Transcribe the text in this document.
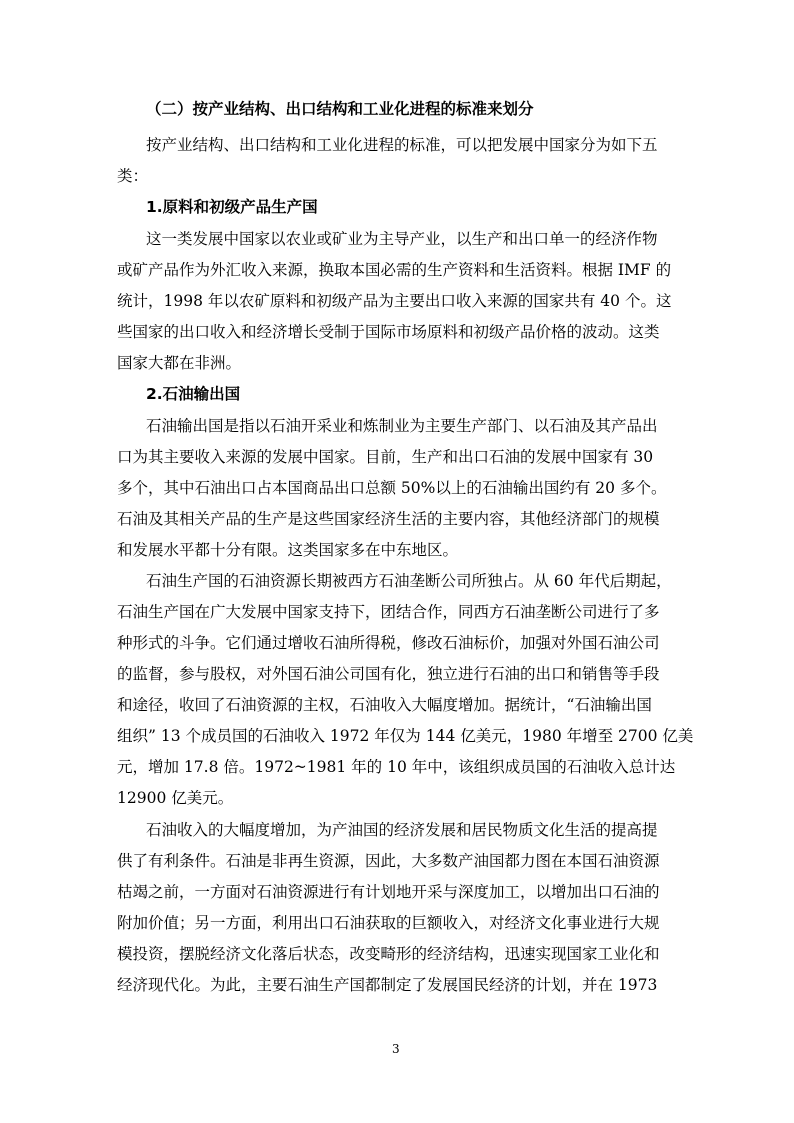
（二）按产业结构、出口结构和工业化进程的标准来划分
按产业结构、出口结构和工业化进程的标准，可以把发展中国家分为如下五
类：
1.原料和初级产品生产国
这一类发展中国家以农业或矿业为主导产业，以生产和出口单一的经济作物
或矿产品作为外汇收入来源，换取本国必需的生产资料和生活资料。根据 IMF 的
统计，1998 年以农矿原料和初级产品为主要出口收入来源的国家共有 40 个。这
些国家的出口收入和经济增长受制于国际市场原料和初级产品价格的波动。这类
国家大都在非洲。
2.石油输出国
石油输出国是指以石油开采业和炼制业为主要生产部门、以石油及其产品出
口为其主要收入来源的发展中国家。目前，生产和出口石油的发展中国家有 30
多个，其中石油出口占本国商品出口总额 50%以上的石油输出国约有 20 多个。
石油及其相关产品的生产是这些国家经济生活的主要内容，其他经济部门的规模
和发展水平都十分有限。这类国家多在中东地区。
石油生产国的石油资源长期被西方石油垄断公司所独占。从 60 年代后期起，
石油生产国在广大发展中国家支持下，团结合作，同西方石油垄断公司进行了多
种形式的斗争。它们通过增收石油所得税，修改石油标价，加强对外国石油公司
的监督，参与股权，对外国石油公司国有化，独立进行石油的出口和销售等手段
和途径，收回了石油资源的主权，石油收入大幅度增加。据统计，“石油输出国
组织” 13 个成员国的石油收入 1972 年仅为 144 亿美元，1980 年增至 2700 亿美
元，增加 17.8 倍。1972~1981 年的 10 年中，该组织成员国的石油收入总计达
12900 亿美元。
石油收入的大幅度增加，为产油国的经济发展和居民物质文化生活的提高提
供了有利条件。石油是非再生资源，因此，大多数产油国都力图在本国石油资源
枯竭之前，一方面对石油资源进行有计划地开采与深度加工，以增加出口石油的
附加价值；另一方面，利用出口石油获取的巨额收入，对经济文化事业进行大规
模投资，摆脱经济文化落后状态，改变畸形的经济结构，迅速实现国家工业化和
经济现代化。为此，主要石油生产国都制定了发展国民经济的计划，并在 1973
3
